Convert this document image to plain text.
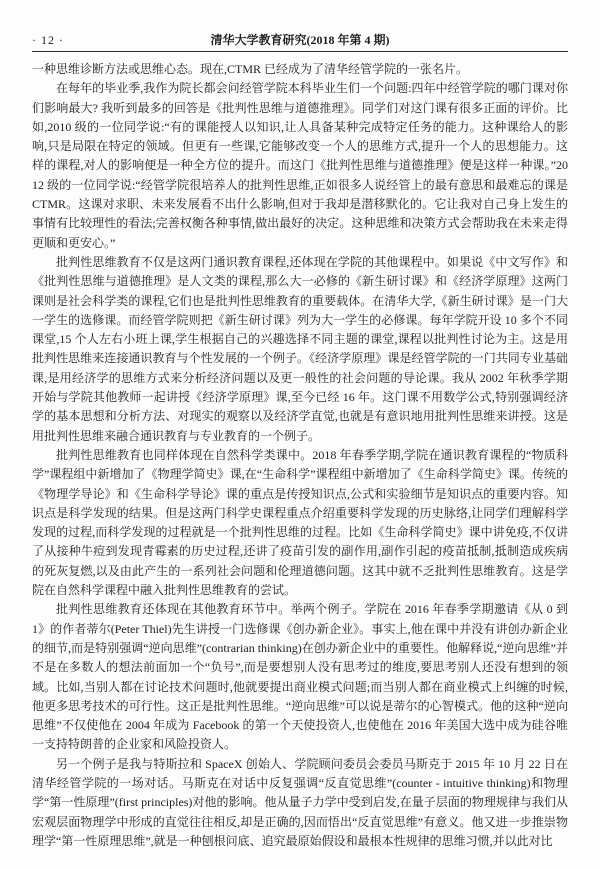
· 12 ·	清华大学教育研究(2018 年第 4 期)

一种思维诊断方法或思维心态。现在,CTMR 已经成为了清华经管学院的一张名片。

在每年的毕业季,我作为院长都会问经管学院本科毕业生们一个问题:四年中经管学院的哪门课对你们影响最大? 我听到最多的回答是《批判性思维与道德推理》。同学们对这门课有很多正面的评价。比如,2010 级的一位同学说:“有的课能授人以知识,让人具备某种完成特定任务的能力。这种课给人的影响,只是局限在特定的领域。但更有一些课,它能够改变一个人的思维方式,提升一个人的思想能力。这样的课程,对人的影响便是一种全方位的提升。而这门《批判性思维与道德推理》便是这样一种课。”2012 级的一位同学说:“经管学院很培养人的批判性思维,正如很多人说经管上的最有意思和最难忘的课是 CTMR。这课对求职、未来发展看不出什么影响,但对于我却是潜移默化的。它让我对自己身上发生的事情有比较理性的看法;完善权衡各种事情,做出最好的决定。这种思维和决策方式会帮助我在未来走得更顺和更安心。”

批判性思维教育不仅是这两门通识教育课程,还体现在学院的其他课程中。如果说《中文写作》和《批判性思维与道德推理》是人文类的课程,那么大一必修的《新生研讨课》和《经济学原理》这两门课则是社会科学类的课程,它们也是批判性思维教育的重要载体。在清华大学,《新生研讨课》是一门大一学生的选修课。而经管学院则把《新生研讨课》列为大一学生的必修课。每年学院开设 10 多个不同课堂,15 个人左右小班上课,学生根据自己的兴趣选择不同主题的课堂,课程以批判性讨论为主。这是用批判性思维来连接通识教育与个性发展的一个例子。《经济学原理》课是经管学院的一门共同专业基础课,是用经济学的思维方式来分析经济问题以及更一般性的社会问题的导论课。我从 2002 年秋季学期开始与学院其他教师一起讲授《经济学原理》课,至今已经 16 年。这门课不用数学公式,特别强调经济学的基本思想和分析方法、对现实的观察以及经济学直觉,也就是有意识地用批判性思维来讲授。这是用批判性思维来融合通识教育与专业教育的一个例子。

批判性思维教育也同样体现在自然科学类课中。2018 年春季学期,学院在通识教育课程的“物质科学”课程组中新增加了《物理学简史》课,在“生命科学”课程组中新增加了《生命科学简史》课。传统的《物理学导论》和《生命科学导论》课的重点是传授知识点,公式和实验细节是知识点的重要内容。知识点是科学发现的结果。但是这两门科学史课程重点介绍重要科学发现的历史脉络,让同学们理解科学发现的过程,而科学发现的过程就是一个批判性思维的过程。比如《生命科学简史》课中讲免疫,不仅讲了从接种牛痘到发现青霉素的历史过程,还讲了疫苗引发的副作用,副作引起的疫苗抵制,抵制造成疾病的死灰复燃,以及由此产生的一系列社会问题和伦理道德问题。这其中就不乏批判性思维教育。这是学院在自然科学课程中融入批判性思维教育的尝试。

批判性思维教育还体现在其他教育环节中。举两个例子。学院在 2016 年春季学期邀请《从 0 到 1》的作者蒂尔(Peter Thiel)先生讲授一门选修课《创办新企业》。事实上,他在课中并没有讲创办新企业的细节,而是特别强调“逆向思维”(contrarian thinking)在创办新企业中的重要性。他解释说,“逆向思维”并不是在多数人的想法前面加一个“负号”,而是要想别人没有思考过的维度,要思考别人还没有想到的领域。比如,当别人都在讨论技术问题时,他就要提出商业模式问题;而当别人都在商业模式上纠缠的时候,他更多思考技术的可行性。这正是批判性思维。“逆向思维”可以说是蒂尔的心智模式。他的这种“逆向思维”不仅使他在 2004 年成为 Facebook 的第一个天使投资人,也使他在 2016 年美国大选中成为硅谷唯一支持特朗普的企业家和风险投资人。

另一个例子是我与特斯拉和 SpaceX 创始人、学院顾问委员会委员马斯克于 2015 年 10 月 22 日在清华经管学院的一场对话。马斯克在对话中反复强调“反直觉思维”(counter - intuitive thinking)和物理学“第一性原理”(first principles)对他的影响。他从量子力学中受到启发,在量子层面的物理规律与我们从宏观层面物理学中形成的直觉往往相反,却是正确的,因而悟出“反直觉思维”有意义。他又进一步推崇物理学“第一性原理思维”,就是一种刨根问底、追究最原始假设和最根本性规律的思维习惯,并以此对比
